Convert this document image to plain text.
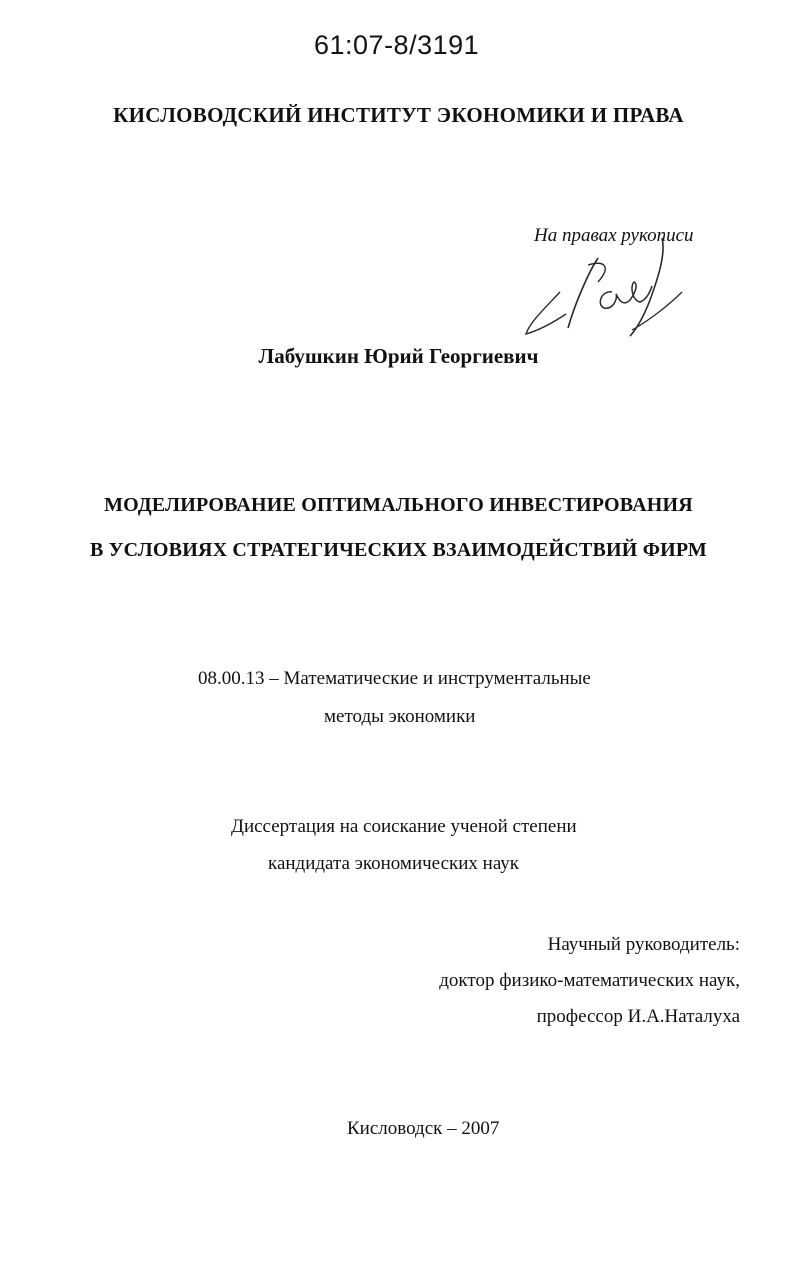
61:07-8/3191
КИСЛОВОДСКИЙ ИНСТИТУТ ЭКОНОМИКИ И ПРАВА
На правах рукописи
Лабушкин Юрий Георгиевич
МОДЕЛИРОВАНИЕ ОПТИМАЛЬНОГО ИНВЕСТИРОВАНИЯ
В УСЛОВИЯХ СТРАТЕГИЧЕСКИХ ВЗАИМОДЕЙСТВИЙ ФИРМ
08.00.13 – Математические и инструментальные
методы экономики
Диссертация на соискание ученой степени
кандидата экономических наук
Научный руководитель:
доктор физико-математических наук,
профессор И.А.Наталуха
Кисловодск – 2007
